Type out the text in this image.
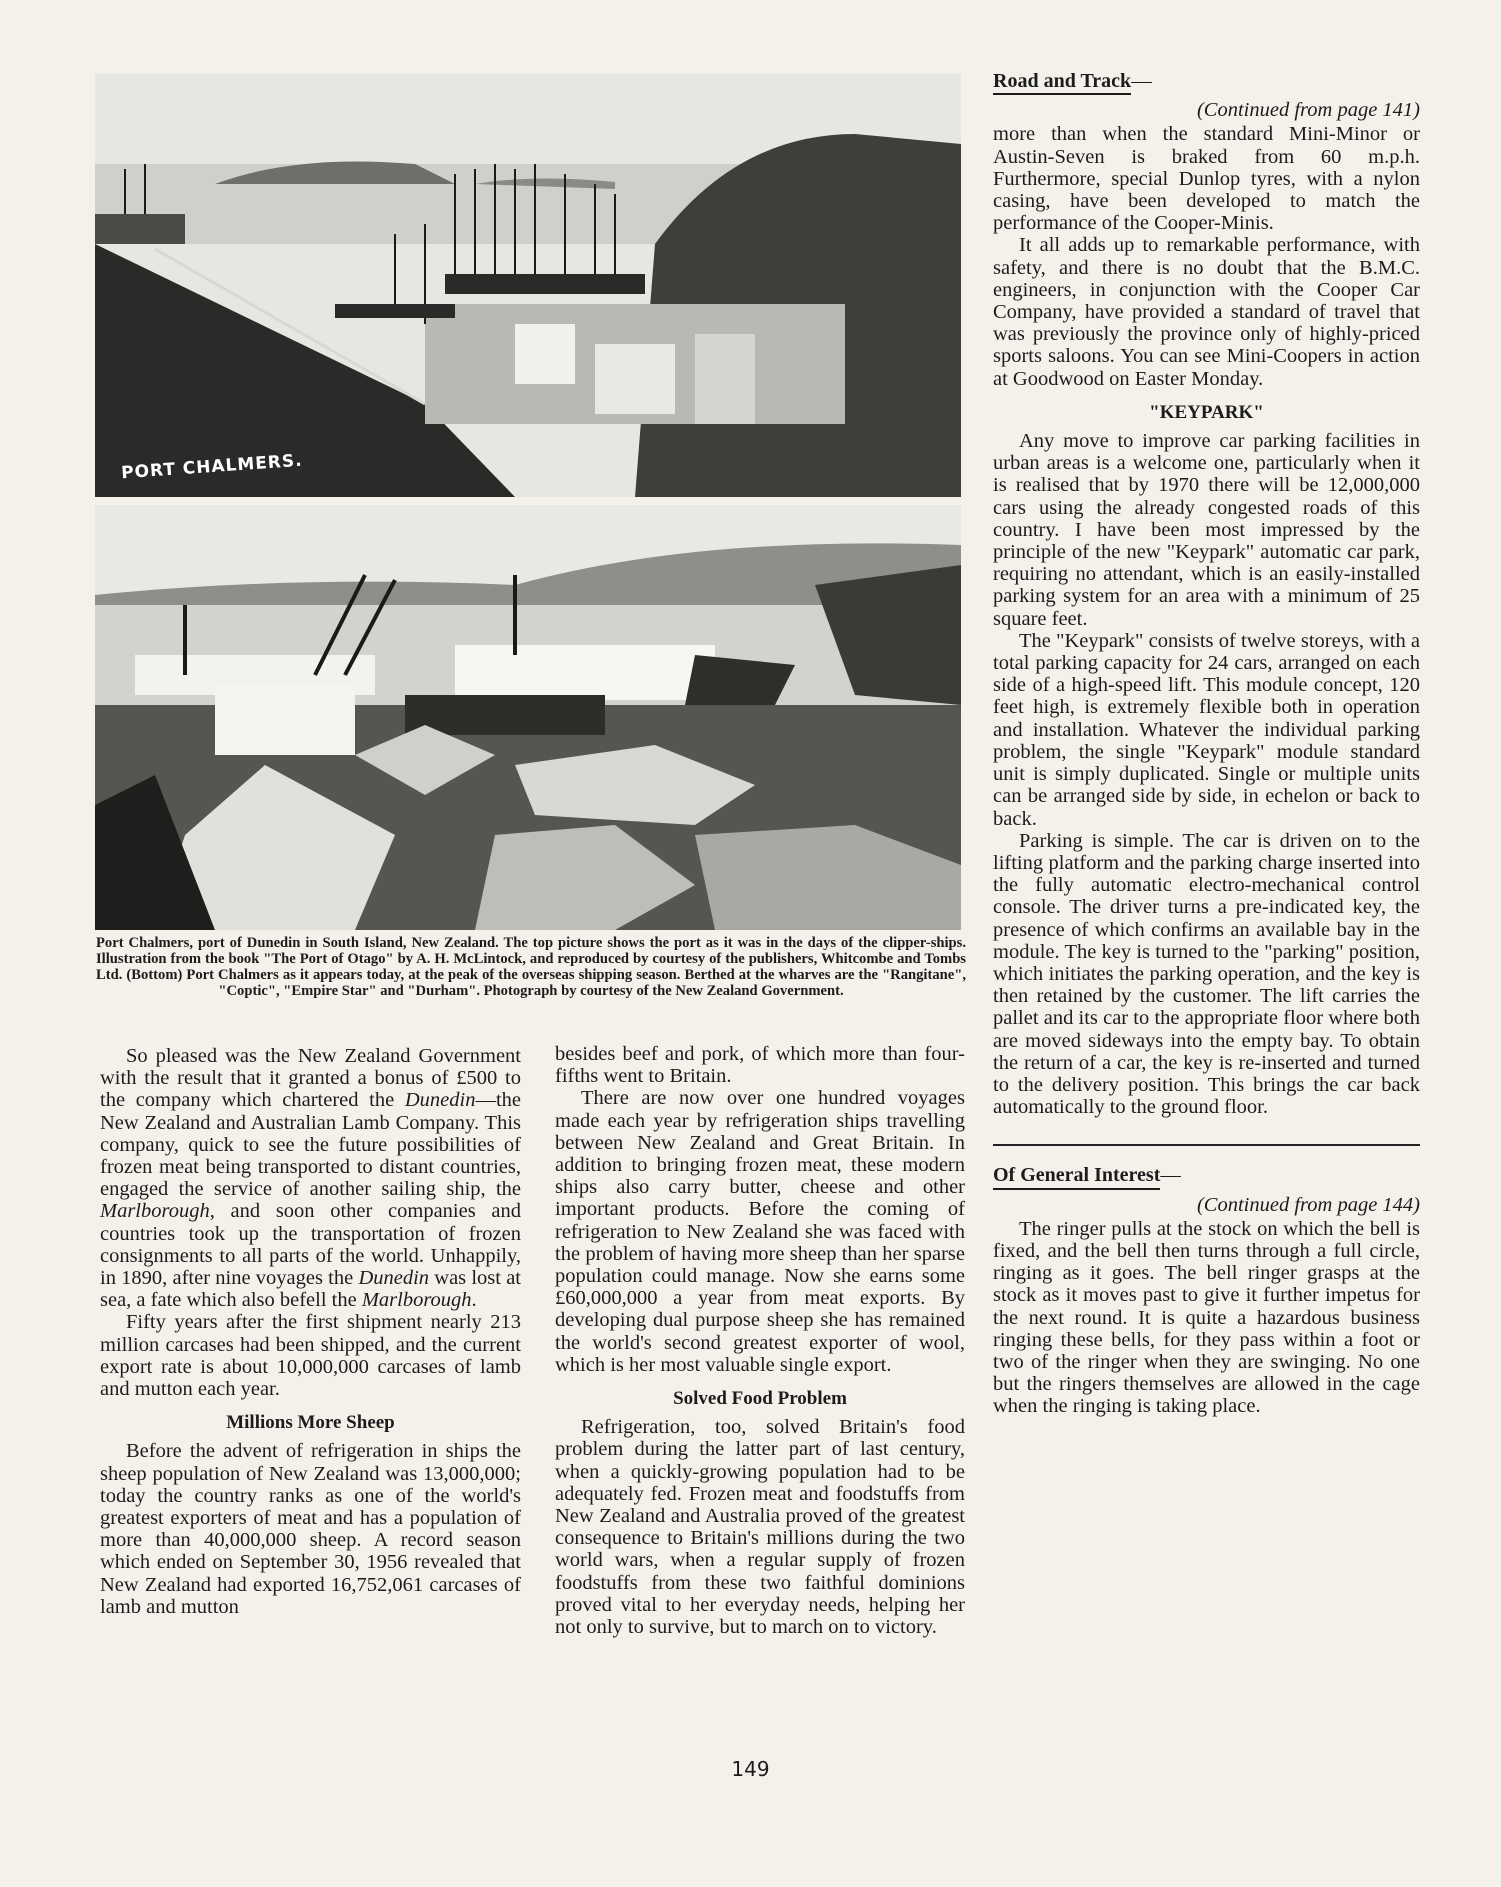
PORT CHALMERS.
Port Chalmers, port of Dunedin in South Island, New Zealand. The top picture shows the port as it was in the days of the clipper-ships. Illustration from the book "The Port of Otago" by A. H. McLintock, and reproduced by courtesy of the publishers, Whitcombe and Tombs Ltd. (Bottom) Port Chalmers as it appears today, at the peak of the overseas shipping season. Berthed at the wharves are the "Rangitane", "Coptic", "Empire Star" and "Durham". Photograph by courtesy of the New Zealand Government.

So pleased was the New Zealand Government with the result that it granted a bonus of £500 to the company which chartered the Dunedin—the New Zealand and Australian Lamb Company. This company, quick to see the future possibilities of frozen meat being transported to distant countries, engaged the service of another sailing ship, the Marlborough, and soon other companies and countries took up the transportation of frozen consignments to all parts of the world. Unhappily, in 1890, after nine voyages the Dunedin was lost at sea, a fate which also befell the Marlborough.

Fifty years after the first shipment nearly 213 million carcases had been shipped, and the current export rate is about 10,000,000 carcases of lamb and mutton each year.

Millions More Sheep

Before the advent of refrigeration in ships the sheep population of New Zealand was 13,000,000; today the country ranks as one of the world's greatest exporters of meat and has a population of more than 40,000,000 sheep. A record season which ended on September 30, 1956 revealed that New Zealand had exported 16,752,061 carcases of lamb and mutton

besides beef and pork, of which more than four-fifths went to Britain.

There are now over one hundred voyages made each year by refrigeration ships travelling between New Zealand and Great Britain. In addition to bringing frozen meat, these modern ships also carry butter, cheese and other important products. Before the coming of refrigeration to New Zealand she was faced with the problem of having more sheep than her sparse population could manage. Now she earns some £60,000,000 a year from meat exports. By developing dual purpose sheep she has remained the world's second greatest exporter of wool, which is her most valuable single export.

Solved Food Problem

Refrigeration, too, solved Britain's food problem during the latter part of last century, when a quickly-growing population had to be adequately fed. Frozen meat and foodstuffs from New Zealand and Australia proved of the greatest consequence to Britain's millions during the two world wars, when a regular supply of frozen foodstuffs from these two faithful dominions proved vital to her everyday needs, helping her not only to survive, but to march on to victory.

Road and Track—
(Continued from page 141)

more than when the standard Mini-Minor or Austin-Seven is braked from 60 m.p.h. Furthermore, special Dunlop tyres, with a nylon casing, have been developed to match the performance of the Cooper-Minis.

It all adds up to remarkable performance, with safety, and there is no doubt that the B.M.C. engineers, in conjunction with the Cooper Car Company, have provided a standard of travel that was previously the province only of highly-priced sports saloons. You can see Mini-Coopers in action at Goodwood on Easter Monday.

"KEYPARK"

Any move to improve car parking facilities in urban areas is a welcome one, particularly when it is realised that by 1970 there will be 12,000,000 cars using the already congested roads of this country. I have been most impressed by the principle of the new "Keypark" automatic car park, requiring no attendant, which is an easily-installed parking system for an area with a minimum of 25 square feet.

The "Keypark" consists of twelve storeys, with a total parking capacity for 24 cars, arranged on each side of a high-speed lift. This module concept, 120 feet high, is extremely flexible both in operation and installation. Whatever the individual parking problem, the single "Keypark" module standard unit is simply duplicated. Single or multiple units can be arranged side by side, in echelon or back to back.

Parking is simple. The car is driven on to the lifting platform and the parking charge inserted into the fully automatic electro-mechanical control console. The driver turns a pre-indicated key, the presence of which confirms an available bay in the module. The key is turned to the "parking" position, which initiates the parking operation, and the key is then retained by the customer. The lift carries the pallet and its car to the appropriate floor where both are moved sideways into the empty bay. To obtain the return of a car, the key is re-inserted and turned to the delivery position. This brings the car back automatically to the ground floor.

Of General Interest—
(Continued from page 144)

The ringer pulls at the stock on which the bell is fixed, and the bell then turns through a full circle, ringing as it goes. The bell ringer grasps at the stock as it moves past to give it further impetus for the next round. It is quite a hazardous business ringing these bells, for they pass within a foot or two of the ringer when they are swinging. No one but the ringers themselves are allowed in the cage when the ringing is taking place.

149
